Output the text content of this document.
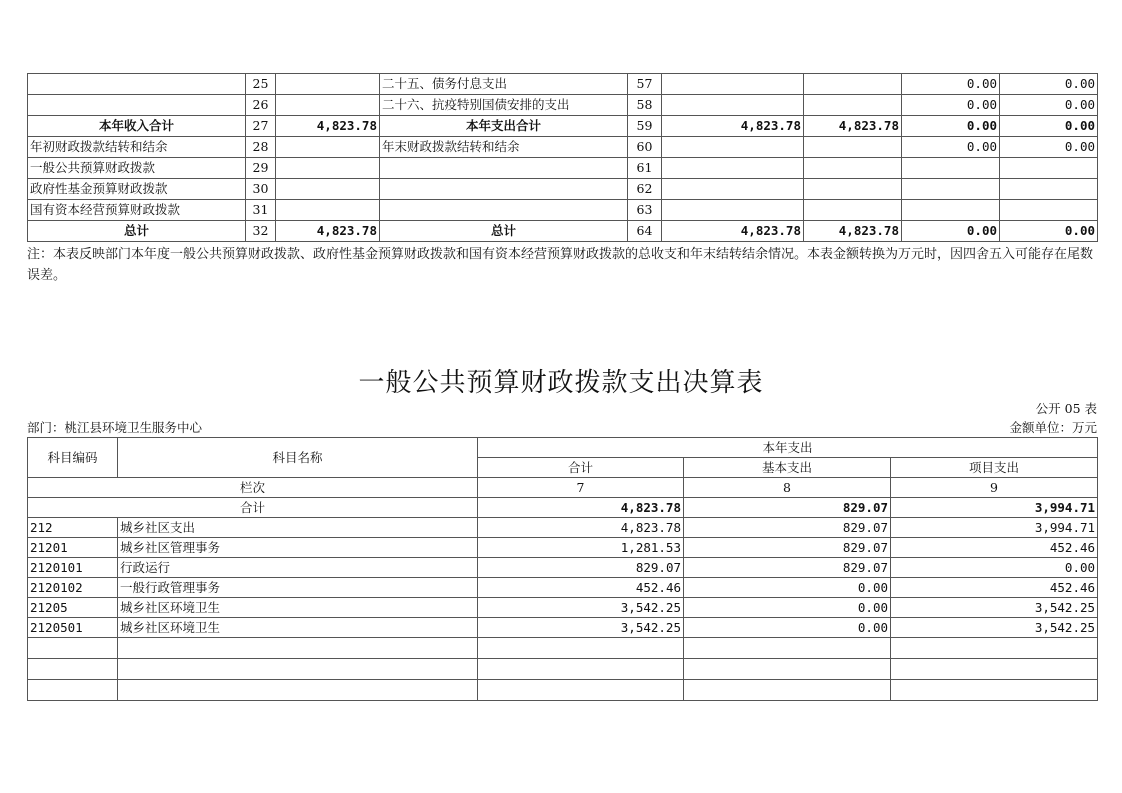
	25		二十五、债务付息支出	57			0.00	0.00
	26		二十六、抗疫特别国债安排的支出	58			0.00	0.00
本年收入合计	27	4,823.78	本年支出合计	59	4,823.78	4,823.78	0.00	0.00
年初财政拨款结转和结余	28		年末财政拨款结转和结余	60			0.00	0.00
一般公共预算财政拨款	29			61				
政府性基金预算财政拨款	30			62				
国有资本经营预算财政拨款	31			63				
总计	32	4,823.78	总计	64	4,823.78	4,823.78	0.00	0.00
注：本表反映部门本年度一般公共预算财政拨款、政府性基金预算财政拨款和国有资本经营预算财政拨款的总收支和年末结转结余情况。本表金额转换为万元时，因四舍五入可能存在尾数误差。
一般公共预算财政拨款支出决算表
公开 05 表
部门：桃江县环境卫生服务中心	金额单位：万元
科目编码	科目名称	本年支出		
		合计	基本支出	项目支出
栏次		7	8	9
合计		4,823.78	829.07	3,994.71
212	城乡社区支出	4,823.78	829.07	3,994.71
21201	城乡社区管理事务	1,281.53	829.07	452.46
2120101	行政运行	829.07	829.07	0.00
2120102	一般行政管理事务	452.46	0.00	452.46
21205	城乡社区环境卫生	3,542.25	0.00	3,542.25
2120501	城乡社区环境卫生	3,542.25	0.00	3,542.25
